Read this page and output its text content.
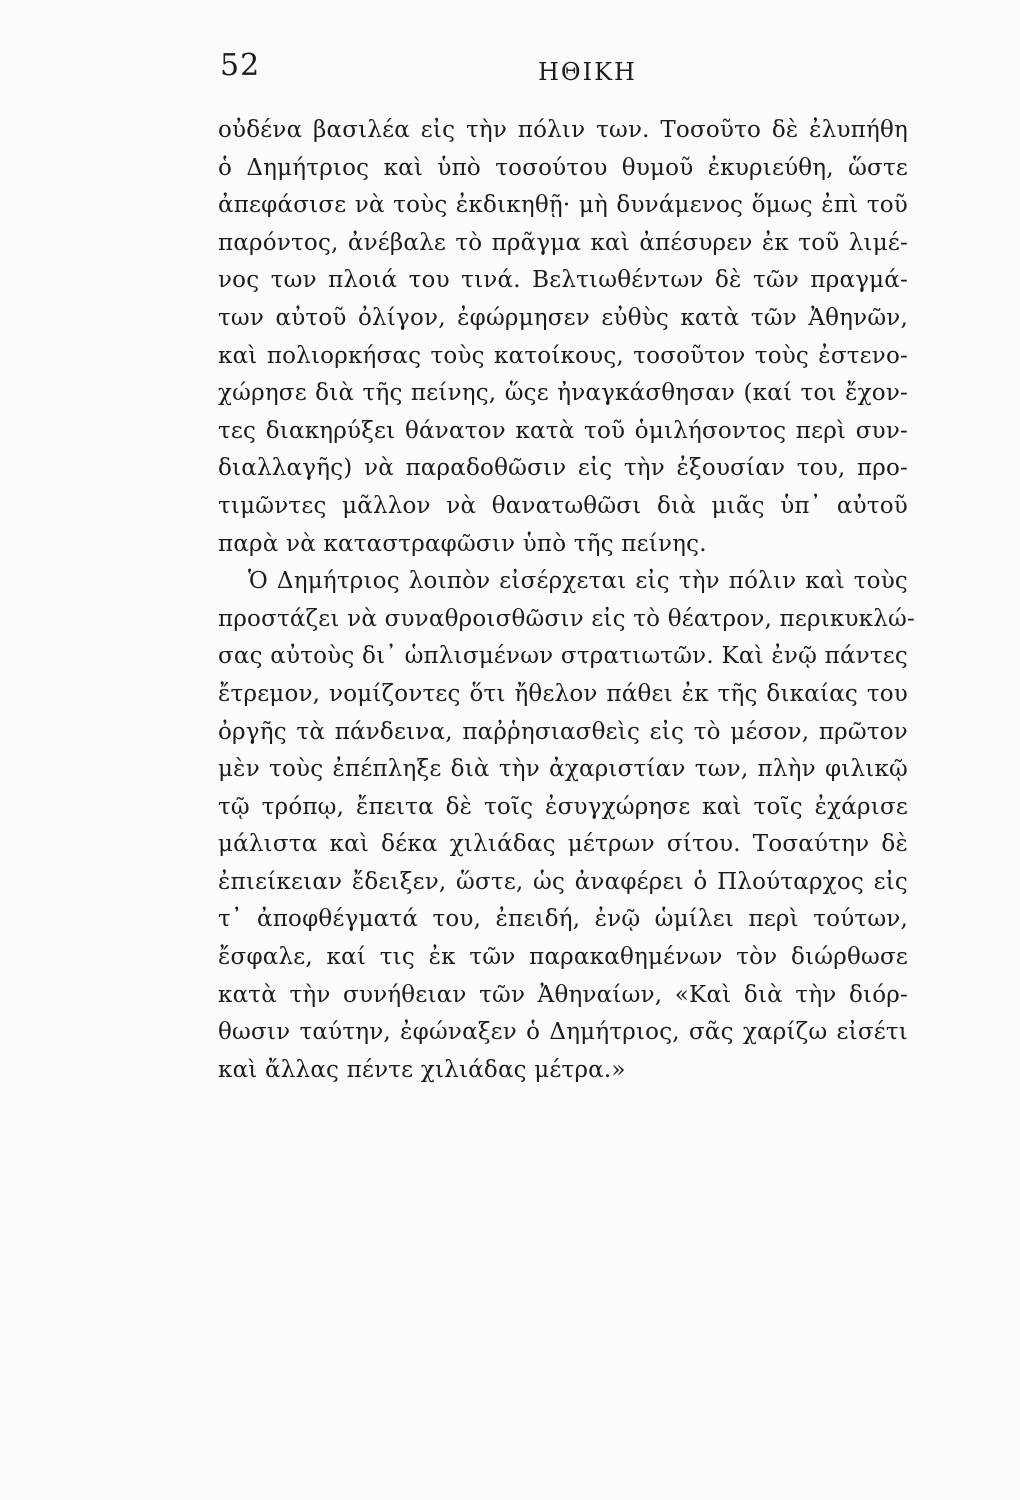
52	ΗΘΙΚΗ
οὐδένα βασιλέα εἰς τὴν πόλιν των. Τοσοῦτο δὲ ἐλυπήθη
ὁ Δημήτριος καὶ ὑπὸ τοσούτου θυμοῦ ἐκυριεύθη, ὥστε
ἀπεφάσισε νὰ τοὺς ἐκδικηθῇ· μὴ δυνάμενος ὅμως ἐπὶ τοῦ
παρόντος, ἀνέβαλε τὸ πρᾶγμα καὶ ἀπέσυρεν ἐκ τοῦ λιμέ-
νος των πλοιά του τινά. Βελτιωθέντων δὲ τῶν πραγμά-
των αὐτοῦ ὀλίγον, ἐφώρμησεν εὐθὺς κατὰ τῶν Ἀθηνῶν,
καὶ πολιορκήσας τοὺς κατοίκους, τοσοῦτον τοὺς ἐστενο-
χώρησε διὰ τῆς πείνης, ὥςε ἠναγκάσθησαν (καί τοι ἔχον-
τες διακηρύξει θάνατον κατὰ τοῦ ὁμιλήσοντος περὶ συν-
διαλλαγῆς) νὰ παραδοθῶσιν εἰς τὴν ἐξουσίαν του, προ-
τιμῶντες μᾶλλον νὰ θανατωθῶσι διὰ μιᾶς ὑπ᾽ αὐτοῦ
παρὰ νὰ καταστραφῶσιν ὑπὸ τῆς πείνης.
Ὁ Δημήτριος λοιπὸν εἰσέρχεται εἰς τὴν πόλιν καὶ τοὺς
προστάζει νὰ συναθροισθῶσιν εἰς τὸ θέατρον, περικυκλώ-
σας αὐτοὺς δι᾽ ὡπλισμένων στρατιωτῶν. Καὶ ἐνῷ πάντες
ἔτρεμον, νομίζοντες ὅτι ἤθελον πάθει ἐκ τῆς δικαίας του
ὀργῆς τὰ πάνδεινα, παῤῥησιασθεὶς εἰς τὸ μέσον, πρῶτον
μὲν τοὺς ἐπέπληξε διὰ τὴν ἀχαριστίαν των, πλὴν φιλικῷ
τῷ τρόπῳ, ἔπειτα δὲ τοῖς ἐσυγχώρησε καὶ τοῖς ἐχάρισε
μάλιστα καὶ δέκα χιλιάδας μέτρων σίτου. Τοσαύτην δὲ
ἐπιείκειαν ἔδειξεν, ὥστε, ὡς ἀναφέρει ὁ Πλούταρχος εἰς
τ᾽ ἀποφθέγματά του, ἐπειδή, ἐνῷ ὡμίλει περὶ τούτων,
ἔσφαλε, καί τις ἐκ τῶν παρακαθημένων τὸν διώρθωσε
κατὰ τὴν συνήθειαν τῶν Ἀθηναίων, «Καὶ διὰ τὴν διόρ-
θωσιν ταύτην, ἐφώναξεν ὁ Δημήτριος, σᾶς χαρίζω εἰσέτι
καὶ ἄλλας πέντε χιλιάδας μέτρα.»
